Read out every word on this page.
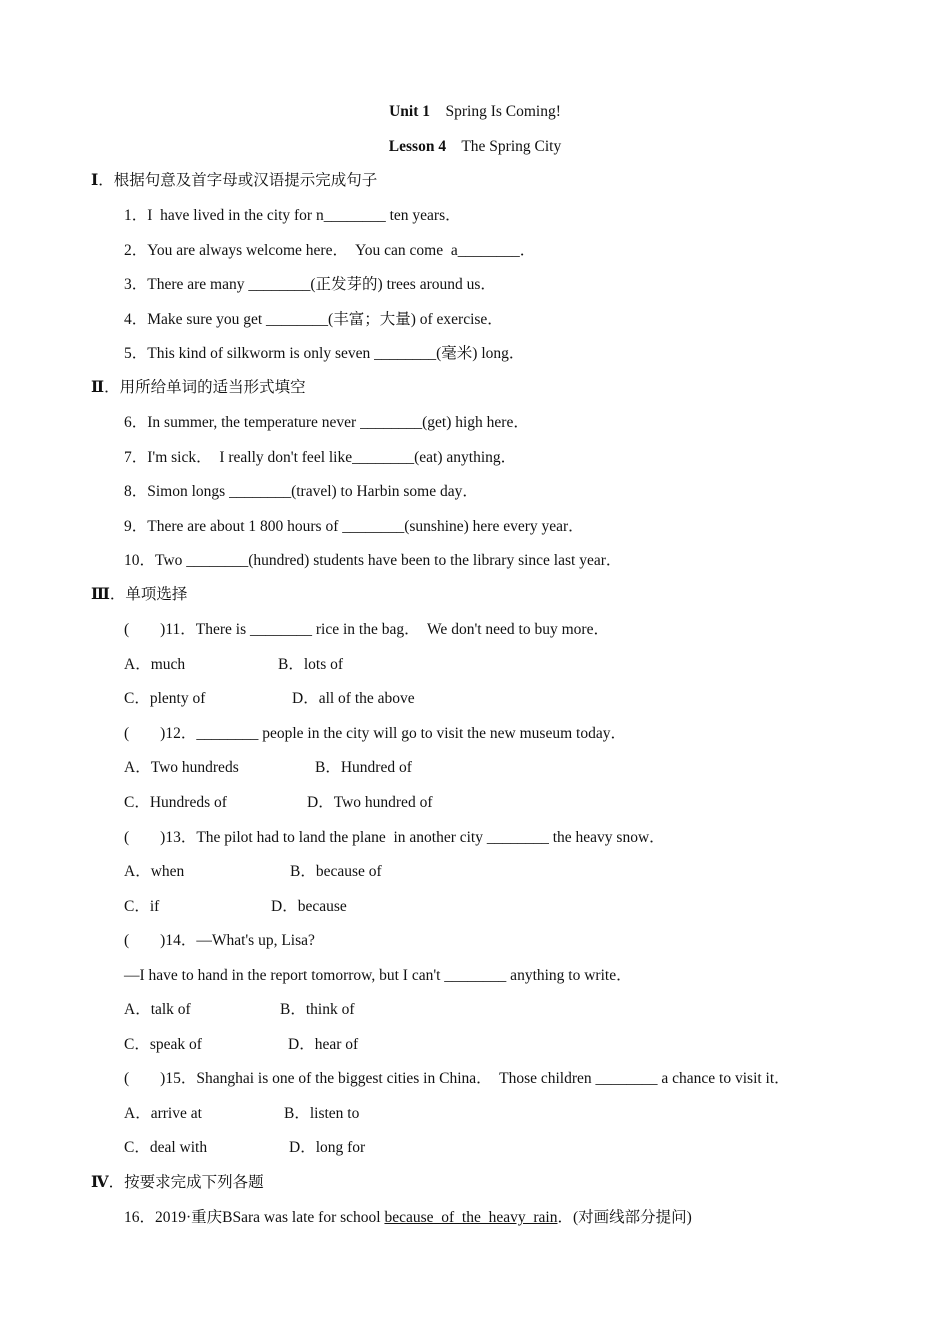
Unit 1 Spring Is Coming!
Lesson 4 The Spring City
Ⅰ．根据句意及首字母或汉语提示完成句子
1．I  have lived in the city for n________ ten years．
2．You are always welcome here．  You can come  a________．
3．There are many ________(正发芽的) trees around us．
4．Make sure you get ________(丰富；大量) of exercise．
5．This kind of silkworm is only seven ________(毫米) long．
Ⅱ．用所给单词的适当形式填空
6．In summer, the temperature never ________(get) high here．
7．I'm sick．  I really don't feel like________(eat) anything．
8．Simon longs ________(travel) to Harbin some day．
9．There are about 1 800 hours of ________(sunshine) here every year．
10．Two ________(hundred) students have been to the library since last year．
Ⅲ．单项选择
(　　)11．There is ________ rice in the bag．  We don't need to buy more．
A．much	B．lots of
C．plenty of	D．all of the above
(　　)12．________ people in the city will go to visit the new museum today．
A．Two hundreds	B．Hundred of
C．Hundreds of	D．Two hundred of
(　　)13．The pilot had to land the plane  in another city ________ the heavy snow．
A．when	B．because of
C．if	D．because
(　　)14．—What's up, Lisa?
—I have to hand in the report tomorrow, but I can't ________ anything to write．
A．talk of	B．think of
C．speak of	D．hear of
(　　)15．Shanghai is one of the biggest cities in China．  Those children ________ a chance to visit it．
A．arrive at	B．listen to
C．deal with	D．long for
Ⅳ．按要求完成下列各题
16．2019·重庆BSara was late for school because  of  the  heavy  rain．(对画线部分提问)
